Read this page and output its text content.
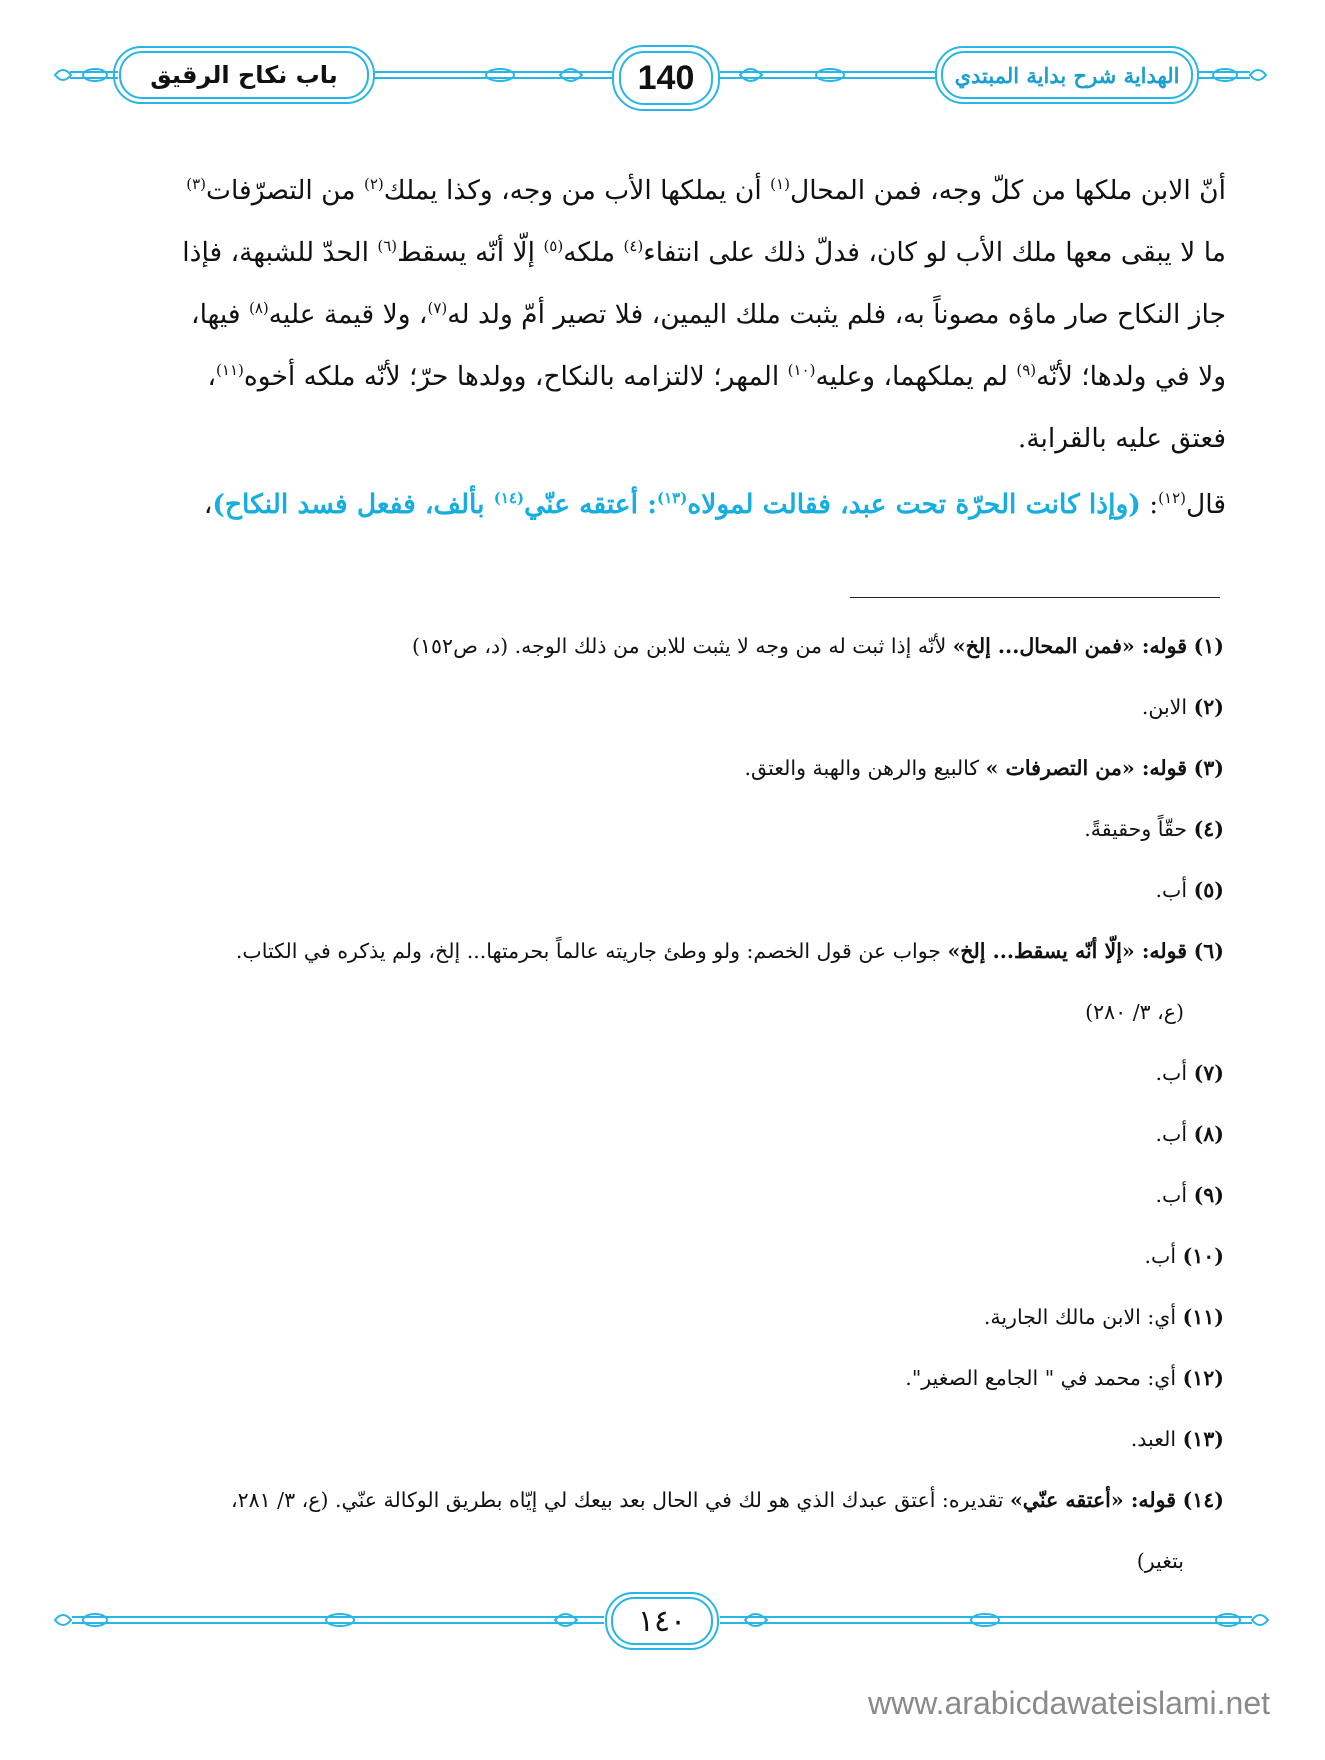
باب نكاح الرقيق	140	الهداية شرح بداية المبتدي
أنّ الابن ملكها من كلّ وجه، فمن المحال$^{(١)}$ أن يملكها الأب من وجه، وكذا يملك$^{(٢)}$ من التصرّفات$^{(٣)}$
ما لا يبقى معها ملك الأب لو كان، فدلّ ذلك على انتفاء$^{(٤)}$ ملكه$^{(٥)}$ إلّا أنّه يسقط$^{(٦)}$ الحدّ للشبهة، فإذا
جاز النكاح صار ماؤه مصوناً به، فلم يثبت ملك اليمين، فلا تصير أمّ ولد له$^{(٧)}$، ولا قيمة عليه$^{(٨)}$ فيها،
ولا في ولدها؛ لأنّه$^{(٩)}$ لم يملكهما، وعليه$^{(١٠)}$ المهر؛ لالتزامه بالنكاح، وولدها حرّ؛ لأنّه ملكه أخوه$^{(١١)}$،
فعتق عليه بالقرابة.
قال$^{(١٢)}$: (وإذا كانت الحرّة تحت عبد، فقالت لمولاه$^{(١٣)}$: أعتقه عنّي$^{(١٤)}$ بألف، ففعل فسد النكاح)،
(١) قوله: «فمن المحال... إلخ» لأنّه إذا ثبت له من وجه لا يثبت للابن من ذلك الوجه. (د، ص١٥٢)
(٢) الابن.
(٣) قوله: «من التصرفات » كالبيع والرهن والهبة والعتق.
(٤) حقّاً وحقيقةً.
(٥) أب.
(٦) قوله: «إلّا أنّه يسقط... إلخ» جواب عن قول الخصم: ولو وطئ جاريته عالماً بحرمتها... إلخ، ولم يذكره في الكتاب.
(ع، ٣/ ٢٨٠)
(٧) أب.
(٨) أب.
(٩) أب.
(١٠) أب.
(١١) أي: الابن مالك الجارية.
(١٢) أي: محمد في " الجامع الصغير".
(١٣) العبد.
(١٤) قوله: «أعتقه عنّي» تقديره: أعتق عبدك الذي هو لك في الحال بعد بيعك لي إيّاه بطريق الوكالة عنّي. (ع، ٣/ ٢٨١،
بتغير)
١٤٠
www.arabicdawateislami.net
